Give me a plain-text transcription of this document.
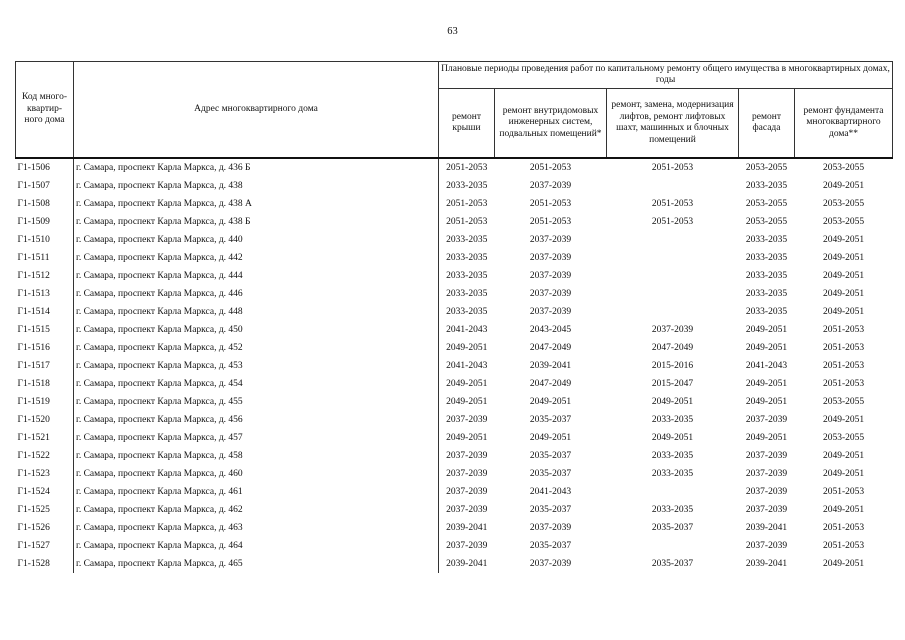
63
Код много-квартир-ного дома	Адрес многоквартирного дома	Плановые периоды проведения работ по капитальному ремонту общего имущества в многоквартирных домах, годы				
		ремонт крыши	ремонт внутридомовых инженерных систем, подвальных помещений*	ремонт, замена, модернизация лифтов, ремонт лифтовых шахт, машинных и блочных помещений	ремонт фасада	ремонт фундамента многоквартирного дома**
Г1-1506	г. Самара, проспект Карла Маркса, д. 436 Б	2051-2053	2051-2053	2051-2053	2053-2055	2053-2055
Г1-1507	г. Самара, проспект Карла Маркса, д. 438	2033-2035	2037-2039		2033-2035	2049-2051
Г1-1508	г. Самара, проспект Карла Маркса, д. 438 А	2051-2053	2051-2053	2051-2053	2053-2055	2053-2055
Г1-1509	г. Самара, проспект Карла Маркса, д. 438 Б	2051-2053	2051-2053	2051-2053	2053-2055	2053-2055
Г1-1510	г. Самара, проспект Карла Маркса, д. 440	2033-2035	2037-2039		2033-2035	2049-2051
Г1-1511	г. Самара, проспект Карла Маркса, д. 442	2033-2035	2037-2039		2033-2035	2049-2051
Г1-1512	г. Самара, проспект Карла Маркса, д. 444	2033-2035	2037-2039		2033-2035	2049-2051
Г1-1513	г. Самара, проспект Карла Маркса, д. 446	2033-2035	2037-2039		2033-2035	2049-2051
Г1-1514	г. Самара, проспект Карла Маркса, д. 448	2033-2035	2037-2039		2033-2035	2049-2051
Г1-1515	г. Самара, проспект Карла Маркса, д. 450	2041-2043	2043-2045	2037-2039	2049-2051	2051-2053
Г1-1516	г. Самара, проспект Карла Маркса, д. 452	2049-2051	2047-2049	2047-2049	2049-2051	2051-2053
Г1-1517	г. Самара, проспект Карла Маркса, д. 453	2041-2043	2039-2041	2015-2016	2041-2043	2051-2053
Г1-1518	г. Самара, проспект Карла Маркса, д. 454	2049-2051	2047-2049	2015-2047	2049-2051	2051-2053
Г1-1519	г. Самара, проспект Карла Маркса, д. 455	2049-2051	2049-2051	2049-2051	2049-2051	2053-2055
Г1-1520	г. Самара, проспект Карла Маркса, д. 456	2037-2039	2035-2037	2033-2035	2037-2039	2049-2051
Г1-1521	г. Самара, проспект Карла Маркса, д. 457	2049-2051	2049-2051	2049-2051	2049-2051	2053-2055
Г1-1522	г. Самара, проспект Карла Маркса, д. 458	2037-2039	2035-2037	2033-2035	2037-2039	2049-2051
Г1-1523	г. Самара, проспект Карла Маркса, д. 460	2037-2039	2035-2037	2033-2035	2037-2039	2049-2051
Г1-1524	г. Самара, проспект Карла Маркса, д. 461	2037-2039	2041-2043		2037-2039	2051-2053
Г1-1525	г. Самара, проспект Карла Маркса, д. 462	2037-2039	2035-2037	2033-2035	2037-2039	2049-2051
Г1-1526	г. Самара, проспект Карла Маркса, д. 463	2039-2041	2037-2039	2035-2037	2039-2041	2051-2053
Г1-1527	г. Самара, проспект Карла Маркса, д. 464	2037-2039	2035-2037		2037-2039	2051-2053
Г1-1528	г. Самара, проспект Карла Маркса, д. 465	2039-2041	2037-2039	2035-2037	2039-2041	2049-2051
